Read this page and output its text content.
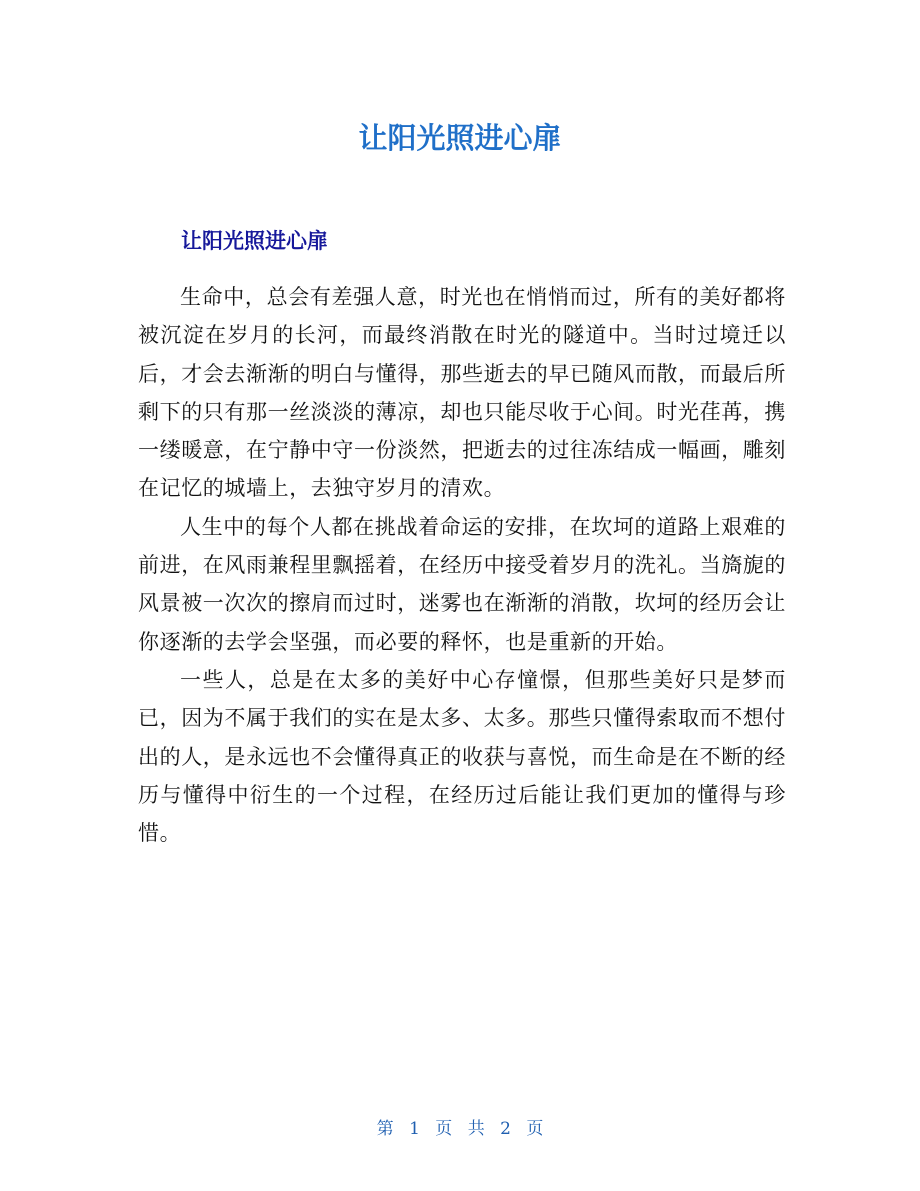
让阳光照进心扉
让阳光照进心扉

生命中，总会有差强人意，时光也在悄悄而过，所有的美好都将被沉淀在岁月的长河，而最终消散在时光的隧道中。当时过境迁以后，才会去渐渐的明白与懂得，那些逝去的早已随风而散，而最后所剩下的只有那一丝淡淡的薄凉，却也只能尽收于心间。时光荏苒，携一缕暖意，在宁静中守一份淡然，把逝去的过往冻结成一幅画，雕刻在记忆的城墙上，去独守岁月的清欢。

人生中的每个人都在挑战着命运的安排，在坎坷的道路上艰难的前进，在风雨兼程里飘摇着，在经历中接受着岁月的洗礼。当旖旎的风景被一次次的擦肩而过时，迷雾也在渐渐的消散，坎坷的经历会让你逐渐的去学会坚强，而必要的释怀，也是重新的开始。

一些人，总是在太多的美好中心存憧憬，但那些美好只是梦而已，因为不属于我们的实在是太多、太多。那些只懂得索取而不想付出的人，是永远也不会懂得真正的收获与喜悦，而生命是在不断的经历与懂得中衍生的一个过程，在经历过后能让我们更加的懂得与珍惜。

第 1 页 共 2 页
